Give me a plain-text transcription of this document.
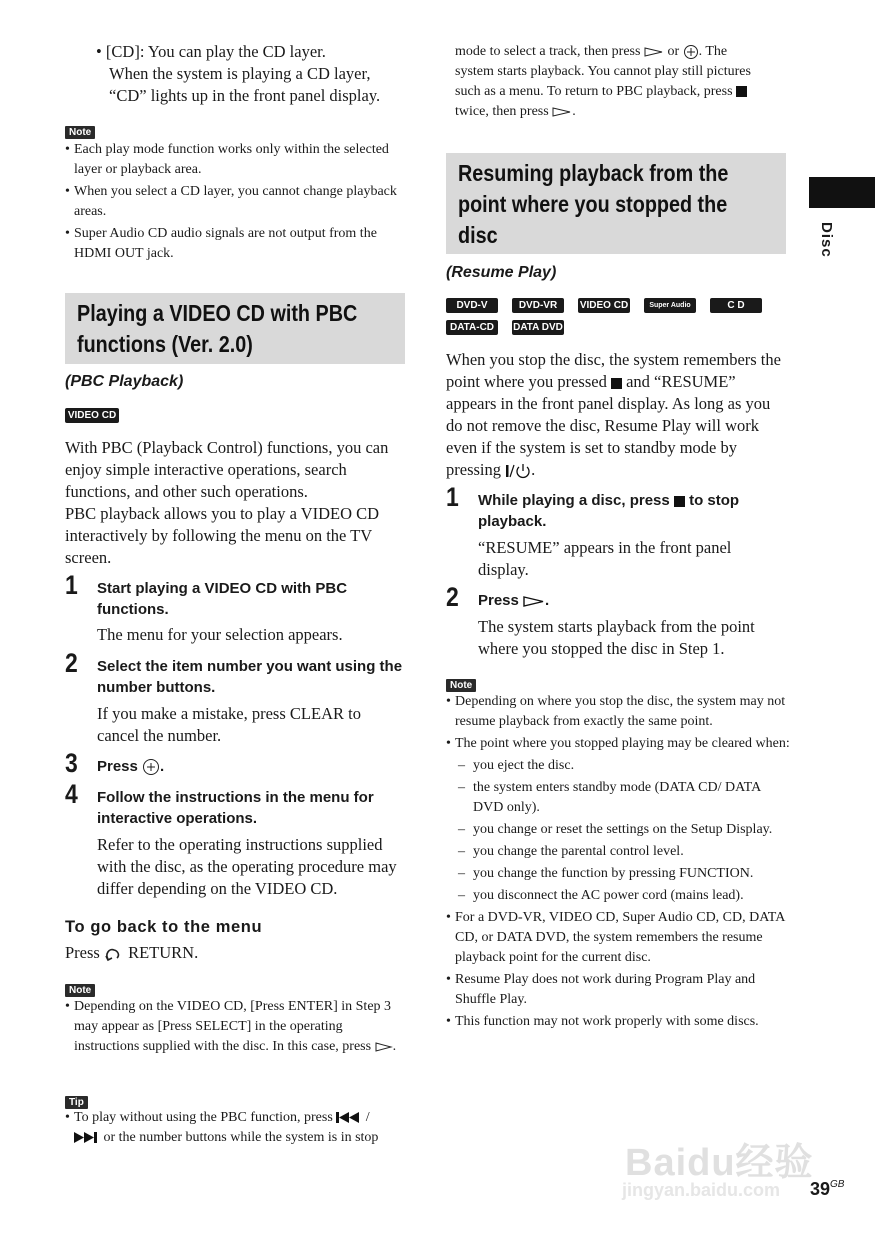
• [CD]: You can play the CD layer.
When the system is playing a CD layer,
“CD” lights up in the front panel display.
Note
• Each play mode function works only within the selected layer or playback area.
• When you select a CD layer, you cannot change playback areas.
• Super Audio CD audio signals are not output from the HDMI OUT jack.
Playing a VIDEO CD with PBC
functions (Ver. 2.0)
(PBC Playback)
VIDEO CD
With PBC (Playback Control) functions, you can enjoy simple interactive operations, search functions, and other such operations.
PBC playback allows you to play a VIDEO CD interactively by following the menu on the TV screen.
1 Start playing a VIDEO CD with PBC functions.
The menu for your selection appears.
2 Select the item number you want using the number buttons.
If you make a mistake, press CLEAR to cancel the number.
3 Press .
4 Follow the instructions in the menu for interactive operations.
Refer to the operating instructions supplied with the disc, as the operating procedure may differ depending on the VIDEO CD.
To go back to the menu
Press RETURN.
Note
• Depending on the VIDEO CD, [Press ENTER] in Step 3 may appear as [Press SELECT] in the operating instructions supplied with the disc. In this case, press .
Tip
• To play without using the PBC function, press /
or the number buttons while the system is in stop
mode to select a track, then press or . The
system starts playback. You cannot play still pictures
such as a menu. To return to PBC playback, press
twice, then press .
Resuming playback from the
point where you stopped the
disc
(Resume Play)
DVD-V	DVD-VR VIDEO CD	Super Audio CD C D
DATA-CD DATA DVD
When you stop the disc, the system remembers the point where you pressed and “RESUME” appears in the front panel display. As long as you do not remove the disc, Resume Play will work even if the system is set to standby mode by pressing .
1 While playing a disc, press to stop playback.
“RESUME” appears in the front panel display.
2 Press .
The system starts playback from the point where you stopped the disc in Step 1.
Note
• Depending on where you stop the disc, the system may not resume playback from exactly the same point.
• The point where you stopped playing may be cleared when:
– you eject the disc.
– the system enters standby mode (DATA CD/ DATA DVD only).
– you change or reset the settings on the Setup Display.
– you change the parental control level.
– you change the function by pressing FUNCTION.
– you disconnect the AC power cord (mains lead).
• For a DVD-VR, VIDEO CD, Super Audio CD, CD, DATA CD, or DATA DVD, the system remembers the resume playback point for the current disc.
• Resume Play does not work during Program Play and Shuffle Play.
• This function may not work properly with some discs.
Disc
Baidu经验
jingyan.baidu.com $39^{GB}$
